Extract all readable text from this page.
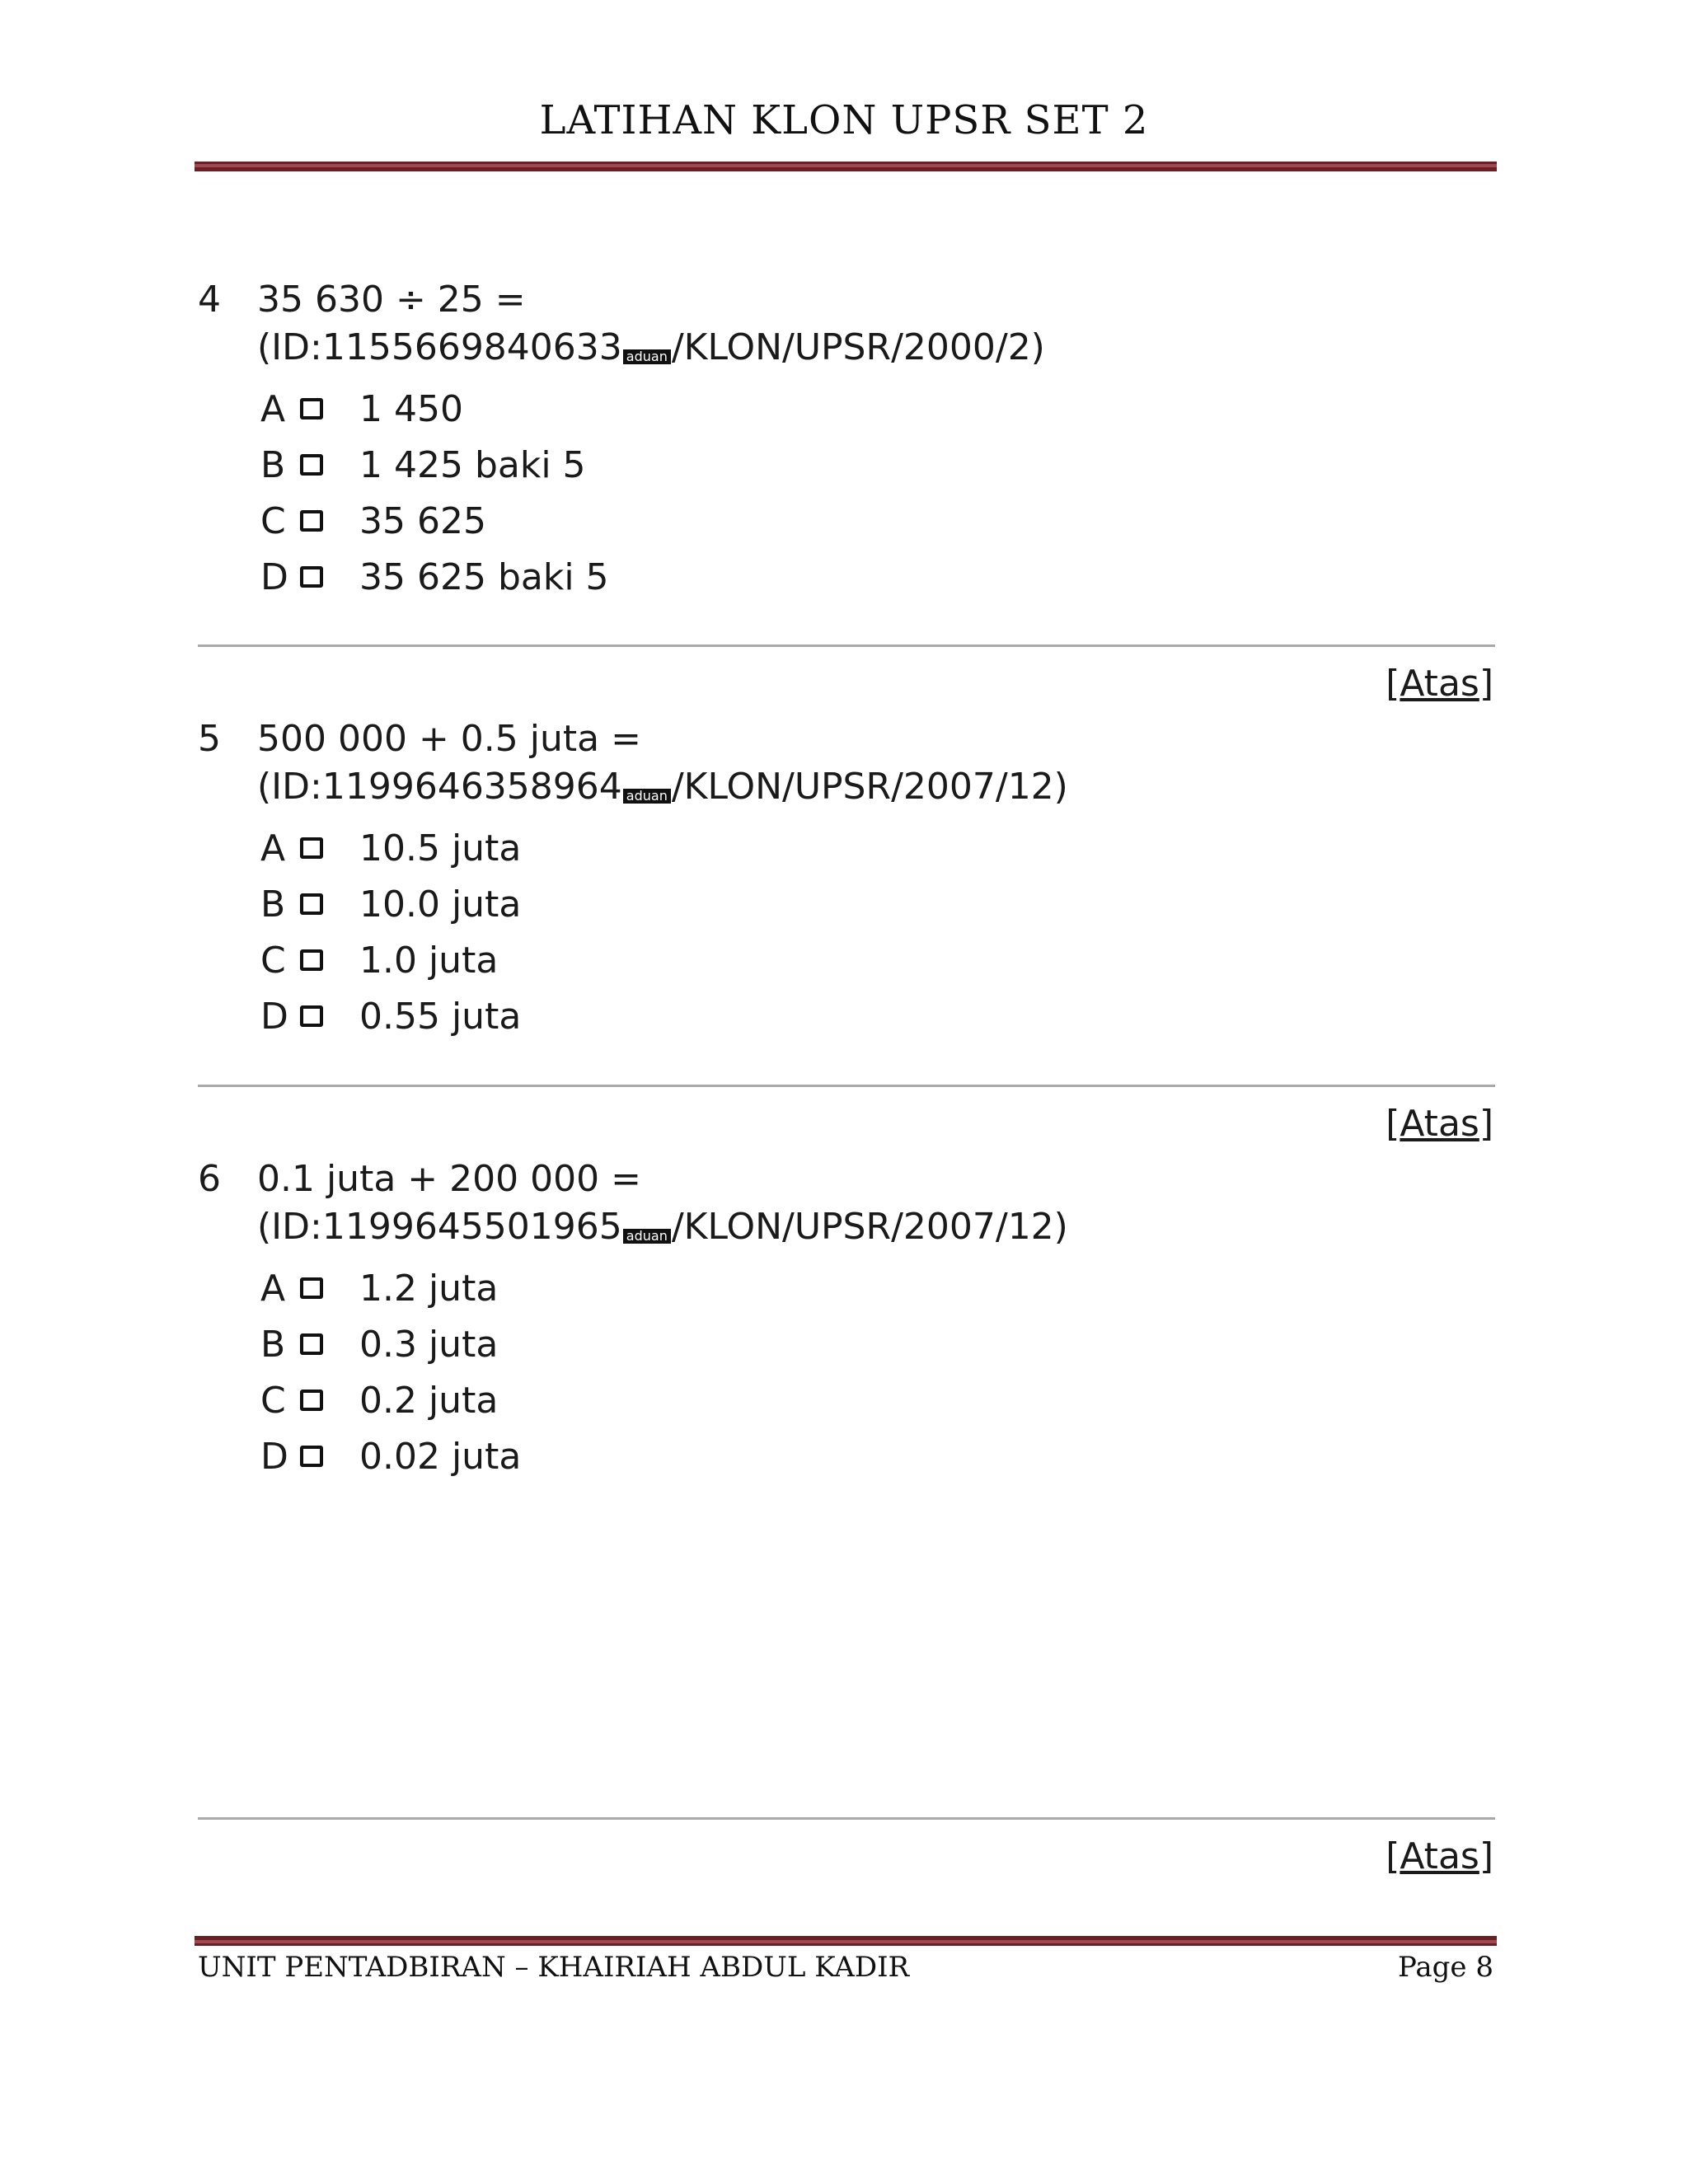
LATIHAN KLON UPSR SET 2
4 35 630 ÷ 25 =
(ID:1155669840633 aduan /KLON/UPSR/2000/2)
A 1 450
B 1 425 baki 5
C 35 625
D 35 625 baki 5
[Atas]
5 500 000 + 0.5 juta =
(ID:1199646358964 aduan /KLON/UPSR/2007/12)
A 10.5 juta
B 10.0 juta
C 1.0 juta
D 0.55 juta
[Atas]
6 0.1 juta + 200 000 =
(ID:1199645501965 aduan /KLON/UPSR/2007/12)
A 1.2 juta
B 0.3 juta
C 0.2 juta
D 0.02 juta
[Atas]
UNIT PENTADBIRAN – KHAIRIAH ABDUL KADIR	Page 8
